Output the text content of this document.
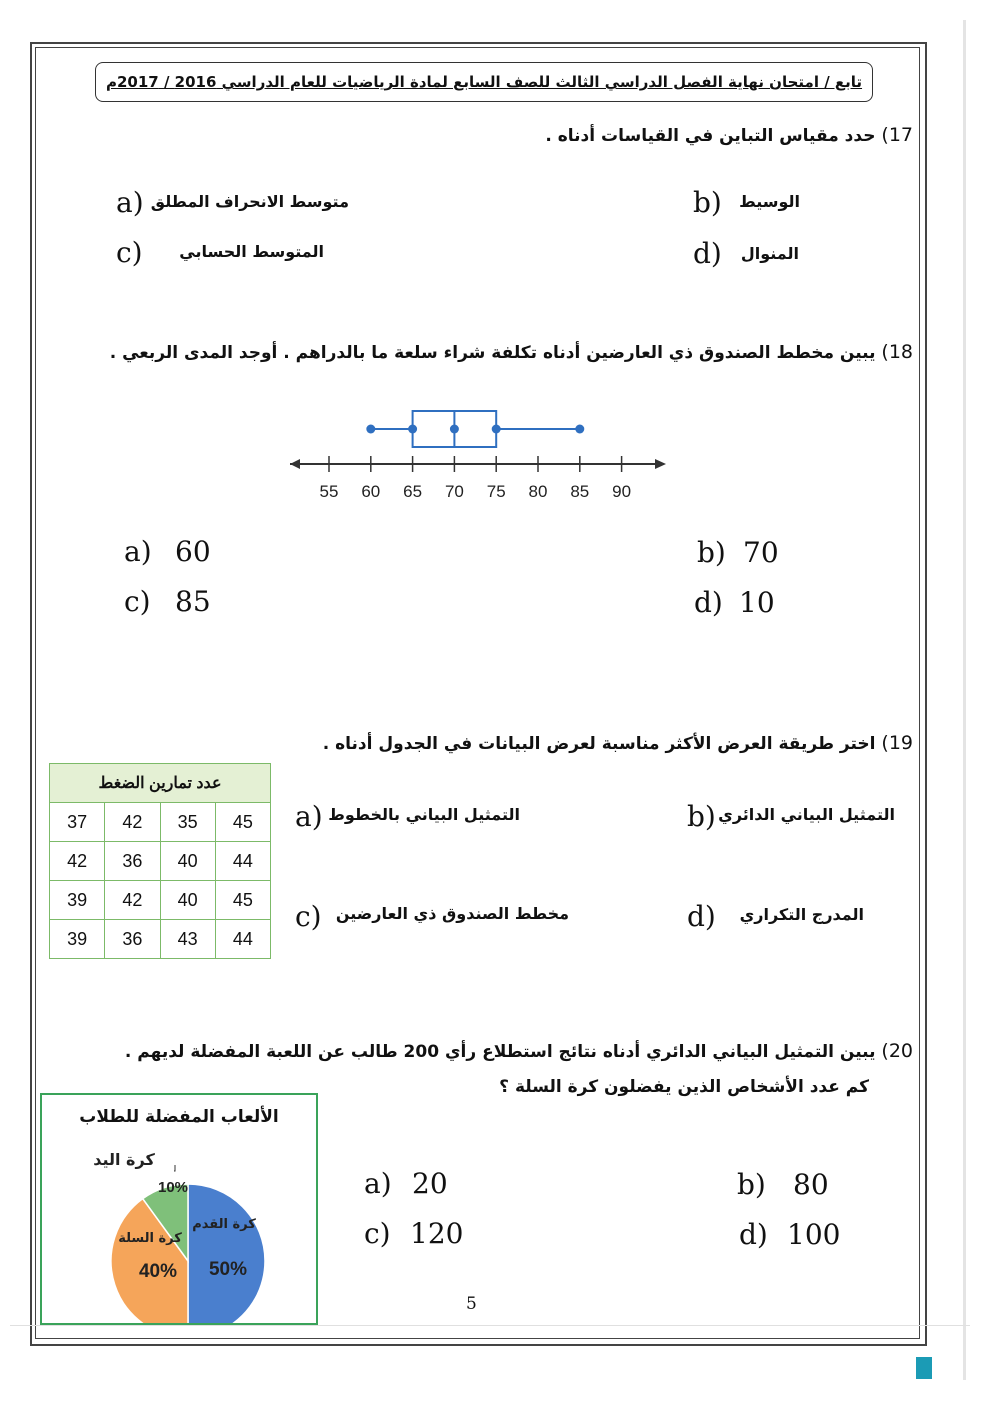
تابع / امتحان نهاية الفصل الدراسي الثالث للصف السابع لمادة الرياضيات للعام الدراسي 2016 / 2017م
17) حدد مقياس التباين في القياسات أدناه .
a) متوسط الانحراف المطلق	b) الوسيط
c) المتوسط الحسابي	d) المنوال
18) يبين مخطط الصندوق ذي العارضين أدناه تكلفة شراء سلعة ما بالدراهم . أوجد المدى الربعي .
55 60 65 70 75 80 85 90
a) 60	b) 70
c) 85	d) 10
19) اختر طريقة العرض الأكثر مناسبة لعرض البيانات في الجدول أدناه .
عدد تمارين الضغط			
37	42	35	45
42	36	40	44
39	42	40	45
39	36	43	44
a) التمثيل البياني بالخطوط	b) التمثيل البياني الدائري
c) مخطط الصندوق ذي العارضين	d) المدرج التكراري
20) يبين التمثيل البياني الدائري أدناه نتائج استطلاع رأي 200 طالب عن اللعبة المفضلة لديهم .
كم عدد الأشخاص الذين يفضلون كرة السلة ؟
الألعاب المفضلة للطلاب
50%
كرة القدم
40%
كرة السلة
10%
كرة اليد
a) 20	b) 80
c) 120	d) 100
5
